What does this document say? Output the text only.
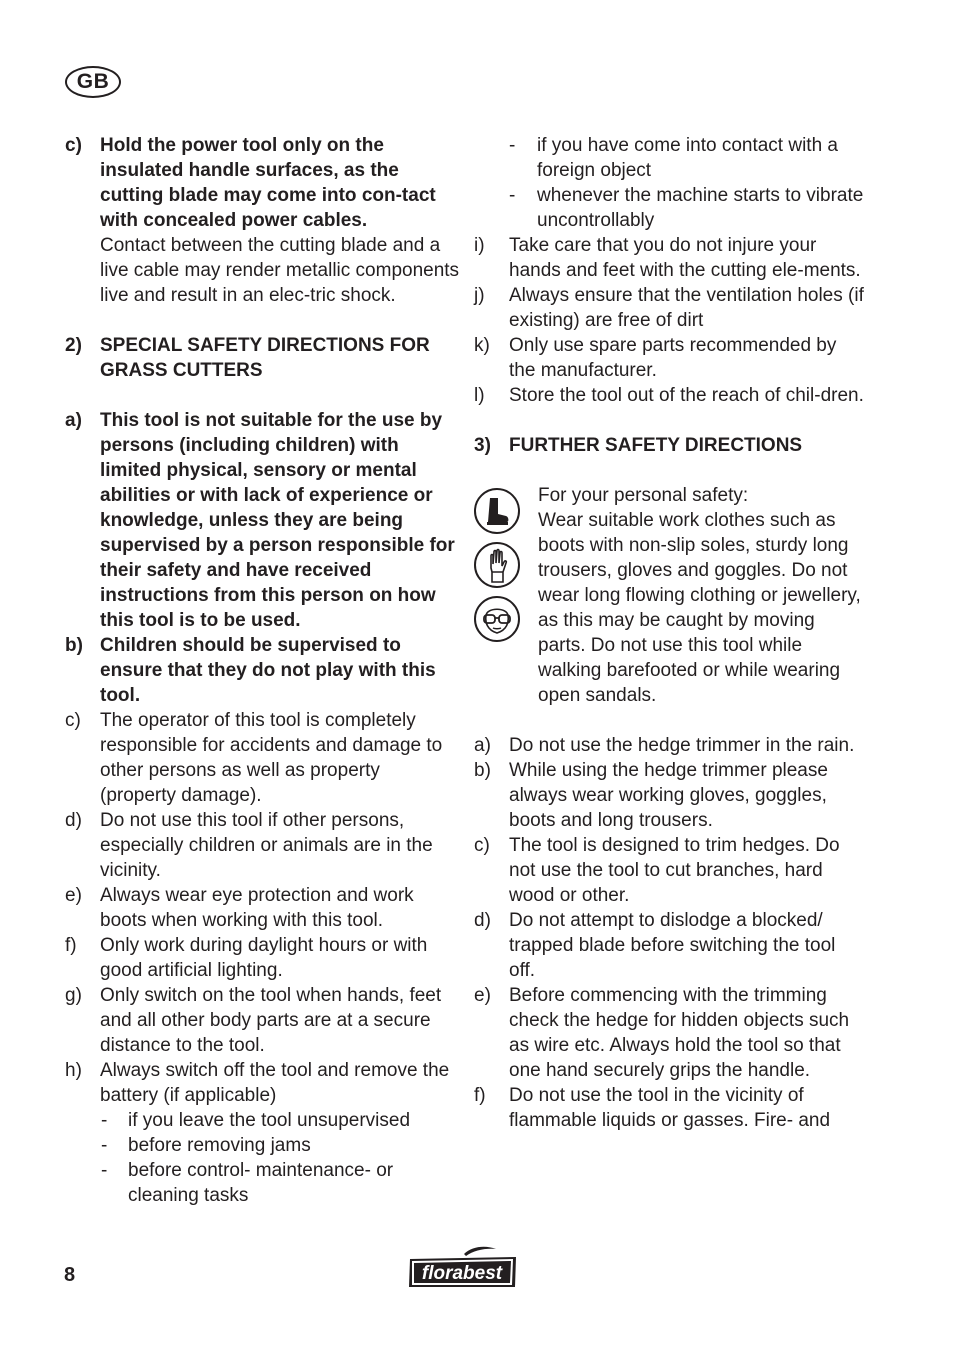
GB
c) Hold the power tool only on the insulated handle surfaces, as the cutting blade may come into con-tact with concealed power cables.
Contact between the cutting blade and a live cable may render metallic components live and result in an elec-tric shock.
2) SPECIAL SAFETY DIRECTIONS FOR GRASS CUTTERS
a) This tool is not suitable for the use by persons (including children) with limited physical, sensory or mental abilities or with lack of experience or knowledge, unless they are being supervised by a person responsible for their safety and have received instructions from this person on how this tool is to be used.
b) Children should be supervised to ensure that they do not play with this tool.
c) The operator of this tool is completely responsible for accidents and damage to other persons as well as property (property damage).
d) Do not use this tool if other persons, especially children or animals are in the vicinity.
e) Always wear eye protection and work boots when working with this tool.
f) Only work during daylight hours or with good artificial lighting.
g) Only switch on the tool when hands, feet and all other body parts are at a secure distance to the tool.
h) Always switch off the tool and remove the battery (if applicable)
- if you leave the tool unsupervised
- before removing jams
- before control- maintenance- or cleaning tasks
- if you have come into contact with a foreign object
- whenever the machine starts to vibrate uncontrollably
i) Take care that you do not injure your hands and feet with the cutting ele-ments.
j) Always ensure that the ventilation holes (if existing) are free of dirt
k) Only use spare parts recommended by the manufacturer.
l) Store the tool out of the reach of chil-dren.
3) FURTHER SAFETY DIRECTIONS
For your personal safety:
Wear suitable work clothes such as boots with non-slip soles, sturdy long trousers, gloves and goggles. Do not wear long flowing clothing or jewellery, as this may be caught by moving parts. Do not use this tool while walking barefooted or while wearing open sandals.
a) Do not use the hedge trimmer in the rain.
b) While using the hedge trimmer please always wear working gloves, goggles, boots and long trousers.
c) The tool is designed to trim hedges. Do not use the tool to cut branches, hard wood or other.
d) Do not attempt to dislodge a blocked/ trapped blade before switching the tool off.
e) Before commencing with the trimming check the hedge for hidden objects such as wire etc. Always hold the tool so that one hand securely grips the handle.
f) Do not use the tool in the vicinity of flammable liquids or gasses. Fire- and
8	florabest
